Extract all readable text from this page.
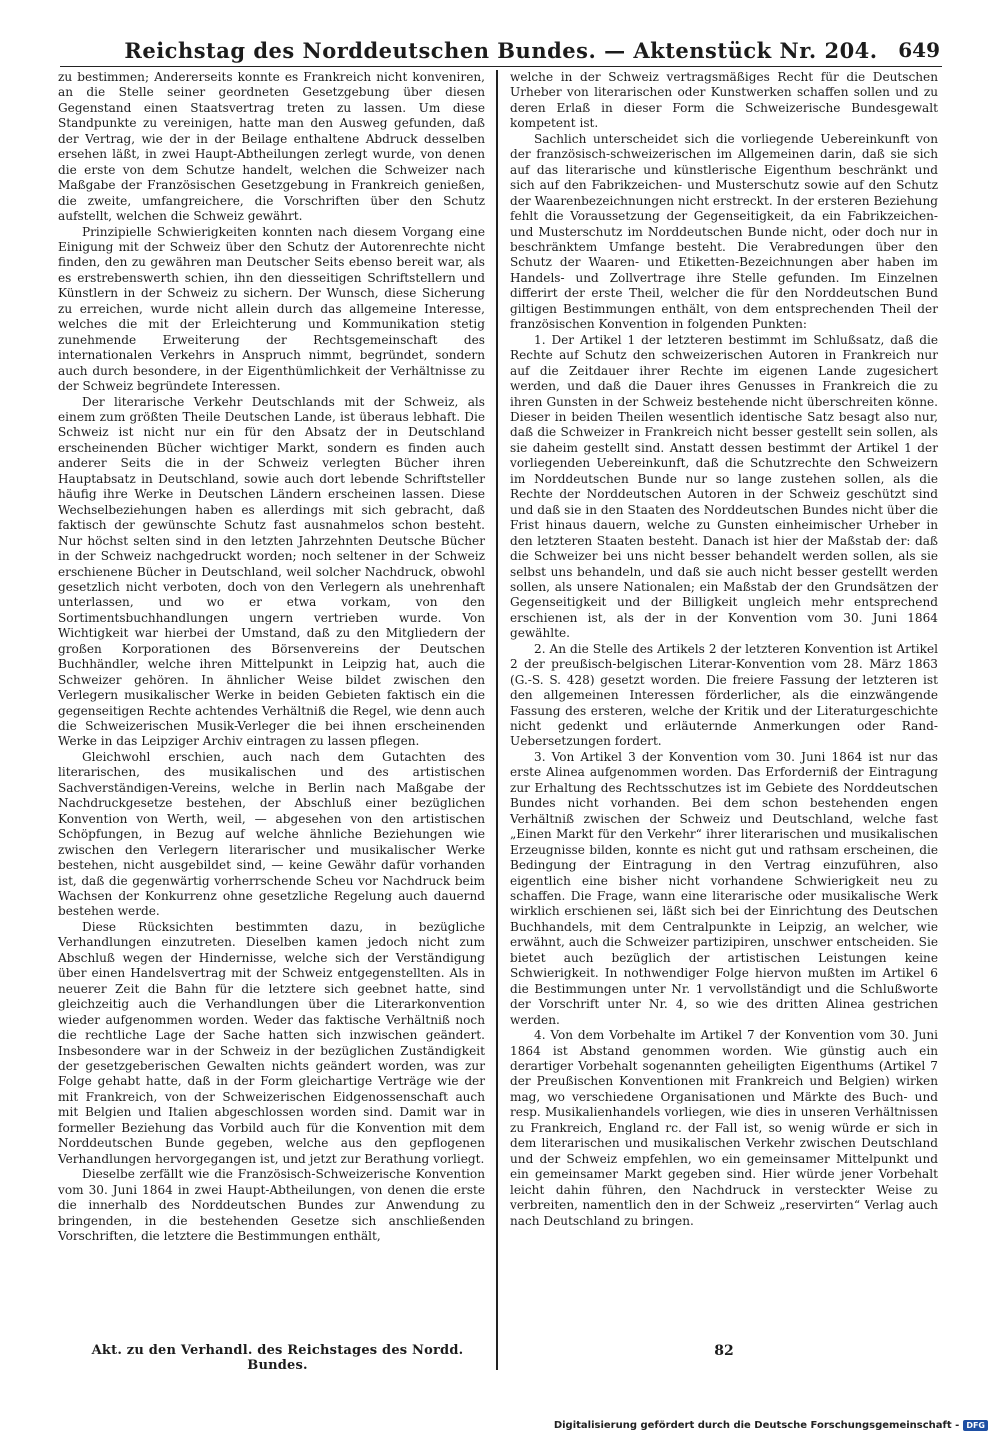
Reichstag des Norddeutschen Bundes. — Aktenstück Nr. 204.	649

zu bestimmen; Andererseits konnte es Frankreich nicht konveniren, an die Stelle seiner geordneten Gesetzgebung über diesen Gegenstand einen Staatsvertrag treten zu lassen. Um diese Standpunkte zu vereinigen, hatte man den Ausweg gefunden, daß der Vertrag, wie der in der Beilage enthaltene Abdruck desselben ersehen läßt, in zwei Haupt-Abtheilungen zerlegt wurde, von denen die erste von dem Schutze handelt, welchen die Schweizer nach Maßgabe der Französischen Gesetzgebung in Frankreich genießen, die zweite, umfangreichere, die Vorschriften über den Schutz aufstellt, welchen die Schweiz gewährt.

Prinzipielle Schwierigkeiten konnten nach diesem Vorgang eine Einigung mit der Schweiz über den Schutz der Autorenrechte nicht finden, den zu gewähren man Deutscher Seits ebenso bereit war, als es erstrebenswerth schien, ihn den diesseitigen Schriftstellern und Künstlern in der Schweiz zu sichern. Der Wunsch, diese Sicherung zu erreichen, wurde nicht allein durch das allgemeine Interesse, welches die mit der Erleichterung und Kommunikation stetig zunehmende Erweiterung der Rechtsgemeinschaft des internationalen Verkehrs in Anspruch nimmt, begründet, sondern auch durch besondere, in der Eigenthümlichkeit der Verhältnisse zu der Schweiz begründete Interessen.

Der literarische Verkehr Deutschlands mit der Schweiz, als einem zum größten Theile Deutschen Lande, ist überaus lebhaft. Die Schweiz ist nicht nur ein für den Absatz der in Deutschland erscheinenden Bücher wichtiger Markt, sondern es finden auch anderer Seits die in der Schweiz verlegten Bücher ihren Hauptabsatz in Deutschland, sowie auch dort lebende Schriftsteller häufig ihre Werke in Deutschen Ländern erscheinen lassen. Diese Wechselbeziehungen haben es allerdings mit sich gebracht, daß faktisch der gewünschte Schutz fast ausnahmelos schon besteht. Nur höchst selten sind in den letzten Jahrzehnten Deutsche Bücher in der Schweiz nachgedruckt worden; noch seltener in der Schweiz erschienene Bücher in Deutschland, weil solcher Nachdruck, obwohl gesetzlich nicht verboten, doch von den Verlegern als unehrenhaft unterlassen, und wo er etwa vorkam, von den Sortimentsbuchhandlungen ungern vertrieben wurde. Von Wichtigkeit war hierbei der Umstand, daß zu den Mitgliedern der großen Korporationen des Börsenvereins der Deutschen Buchhändler, welche ihren Mittelpunkt in Leipzig hat, auch die Schweizer gehören. In ähnlicher Weise bildet zwischen den Verlegern musikalischer Werke in beiden Gebieten faktisch ein die gegenseitigen Rechte achtendes Verhältniß die Regel, wie denn auch die Schweizerischen Musik-Verleger die bei ihnen erscheinenden Werke in das Leipziger Archiv eintragen zu lassen pflegen.

Gleichwohl erschien, auch nach dem Gutachten des literarischen, des musikalischen und des artistischen Sachverständigen-Vereins, welche in Berlin nach Maßgabe der Nachdruckgesetze bestehen, der Abschluß einer bezüglichen Konvention von Werth, weil, — abgesehen von den artistischen Schöpfungen, in Bezug auf welche ähnliche Beziehungen wie zwischen den Verlegern literarischer und musikalischer Werke bestehen, nicht ausgebildet sind, — keine Gewähr dafür vorhanden ist, daß die gegenwärtig vorherrschende Scheu vor Nachdruck beim Wachsen der Konkurrenz ohne gesetzliche Regelung auch dauernd bestehen werde.

Diese Rücksichten bestimmten dazu, in bezügliche Verhandlungen einzutreten. Dieselben kamen jedoch nicht zum Abschluß wegen der Hindernisse, welche sich der Verständigung über einen Handelsvertrag mit der Schweiz entgegenstellten. Als in neuerer Zeit die Bahn für die letztere sich geebnet hatte, sind gleichzeitig auch die Verhandlungen über die Literarkonvention wieder aufgenommen worden. Weder das faktische Verhältniß noch die rechtliche Lage der Sache hatten sich inzwischen geändert. Insbesondere war in der Schweiz in der bezüglichen Zuständigkeit der gesetzgeberischen Gewalten nichts geändert worden, was zur Folge gehabt hatte, daß in der Form gleichartige Verträge wie der mit Frankreich, von der Schweizerischen Eidgenossenschaft auch mit Belgien und Italien abgeschlossen worden sind. Damit war in formeller Beziehung das Vorbild auch für die Konvention mit dem Norddeutschen Bunde gegeben, welche aus den gepflogenen Verhandlungen hervorgegangen ist, und jetzt zur Berathung vorliegt.

Dieselbe zerfällt wie die Französisch-Schweizerische Konvention vom 30. Juni 1864 in zwei Haupt-Abtheilungen, von denen die erste die innerhalb des Norddeutschen Bundes zur Anwendung zu bringenden, in die bestehenden Gesetze sich anschließenden Vorschriften, die letztere die Bestimmungen enthält,

welche in der Schweiz vertragsmäßiges Recht für die Deutschen Urheber von literarischen oder Kunstwerken schaffen sollen und zu deren Erlaß in dieser Form die Schweizerische Bundesgewalt kompetent ist.

Sachlich unterscheidet sich die vorliegende Uebereinkunft von der französisch-schweizerischen im Allgemeinen darin, daß sie sich auf das literarische und künstlerische Eigenthum beschränkt und sich auf den Fabrikzeichen- und Musterschutz sowie auf den Schutz der Waarenbezeichnungen nicht erstreckt. In der ersteren Beziehung fehlt die Voraussetzung der Gegenseitigkeit, da ein Fabrikzeichen- und Musterschutz im Norddeutschen Bunde nicht, oder doch nur in beschränktem Umfange besteht. Die Verabredungen über den Schutz der Waaren- und Etiketten-Bezeichnungen aber haben im Handels- und Zollvertrage ihre Stelle gefunden. Im Einzelnen differirt der erste Theil, welcher die für den Norddeutschen Bund giltigen Bestimmungen enthält, von dem entsprechenden Theil der französischen Konvention in folgenden Punkten:

1. Der Artikel 1 der letzteren bestimmt im Schlußsatz, daß die Rechte auf Schutz den schweizerischen Autoren in Frankreich nur auf die Zeitdauer ihrer Rechte im eigenen Lande zugesichert werden, und daß die Dauer ihres Genusses in Frankreich die zu ihren Gunsten in der Schweiz bestehende nicht überschreiten könne. Dieser in beiden Theilen wesentlich identische Satz besagt also nur, daß die Schweizer in Frankreich nicht besser gestellt sein sollen, als sie daheim gestellt sind. Anstatt dessen bestimmt der Artikel 1 der vorliegenden Uebereinkunft, daß die Schutzrechte den Schweizern im Norddeutschen Bunde nur so lange zustehen sollen, als die Rechte der Norddeutschen Autoren in der Schweiz geschützt sind und daß sie in den Staaten des Norddeutschen Bundes nicht über die Frist hinaus dauern, welche zu Gunsten einheimischer Urheber in den letzteren Staaten besteht. Danach ist hier der Maßstab der: daß die Schweizer bei uns nicht besser behandelt werden sollen, als sie selbst uns behandeln, und daß sie auch nicht besser gestellt werden sollen, als unsere Nationalen; ein Maßstab der den Grundsätzen der Gegenseitigkeit und der Billigkeit ungleich mehr entsprechend erschienen ist, als der in der Konvention vom 30. Juni 1864 gewählte.

2. An die Stelle des Artikels 2 der letzteren Konvention ist Artikel 2 der preußisch-belgischen Literar-Konvention vom 28. März 1863 (G.-S. S. 428) gesetzt worden. Die freiere Fassung der letzteren ist den allgemeinen Interessen förderlicher, als die einzwängende Fassung des ersteren, welche der Kritik und der Literaturgeschichte nicht gedenkt und erläuternde Anmerkungen oder Rand-Uebersetzungen fordert.

3. Von Artikel 3 der Konvention vom 30. Juni 1864 ist nur das erste Alinea aufgenommen worden. Das Erforderniß der Eintragung zur Erhaltung des Rechtsschutzes ist im Gebiete des Norddeutschen Bundes nicht vorhanden. Bei dem schon bestehenden engen Verhältniß zwischen der Schweiz und Deutschland, welche fast „Einen Markt für den Verkehr“ ihrer literarischen und musikalischen Erzeugnisse bilden, konnte es nicht gut und rathsam erscheinen, die Bedingung der Eintragung in den Vertrag einzuführen, also eigentlich eine bisher nicht vorhandene Schwierigkeit neu zu schaffen. Die Frage, wann eine literarische oder musikalische Werk wirklich erschienen sei, läßt sich bei der Einrichtung des Deutschen Buchhandels, mit dem Centralpunkte in Leipzig, an welcher, wie erwähnt, auch die Schweizer partizipiren, unschwer entscheiden. Sie bietet auch bezüglich der artistischen Leistungen keine Schwierigkeit. In nothwendiger Folge hiervon mußten im Artikel 6 die Bestimmungen unter Nr. 1 vervollständigt und die Schlußworte der Vorschrift unter Nr. 4, so wie des dritten Alinea gestrichen werden.

4. Von dem Vorbehalte im Artikel 7 der Konvention vom 30. Juni 1864 ist Abstand genommen worden. Wie günstig auch ein derartiger Vorbehalt sogenannten geheiligten Eigenthums (Artikel 7 der Preußischen Konventionen mit Frankreich und Belgien) wirken mag, wo verschiedene Organisationen und Märkte des Buch- und resp. Musikalienhandels vorliegen, wie dies in unseren Verhältnissen zu Frankreich, England rc. der Fall ist, so wenig würde er sich in dem literarischen und musikalischen Verkehr zwischen Deutschland und der Schweiz empfehlen, wo ein gemeinsamer Mittelpunkt und ein gemeinsamer Markt gegeben sind. Hier würde jener Vorbehalt leicht dahin führen, den Nachdruck in versteckter Weise zu verbreiten, namentlich den in der Schweiz „reservirten“ Verlag auch nach Deutschland zu bringen.

Akt. zu den Verhandl. des Reichstages des Nordd. Bundes.
82
Digitalisierung gefördert durch die Deutsche Forschungsgemeinschaft - DFG
